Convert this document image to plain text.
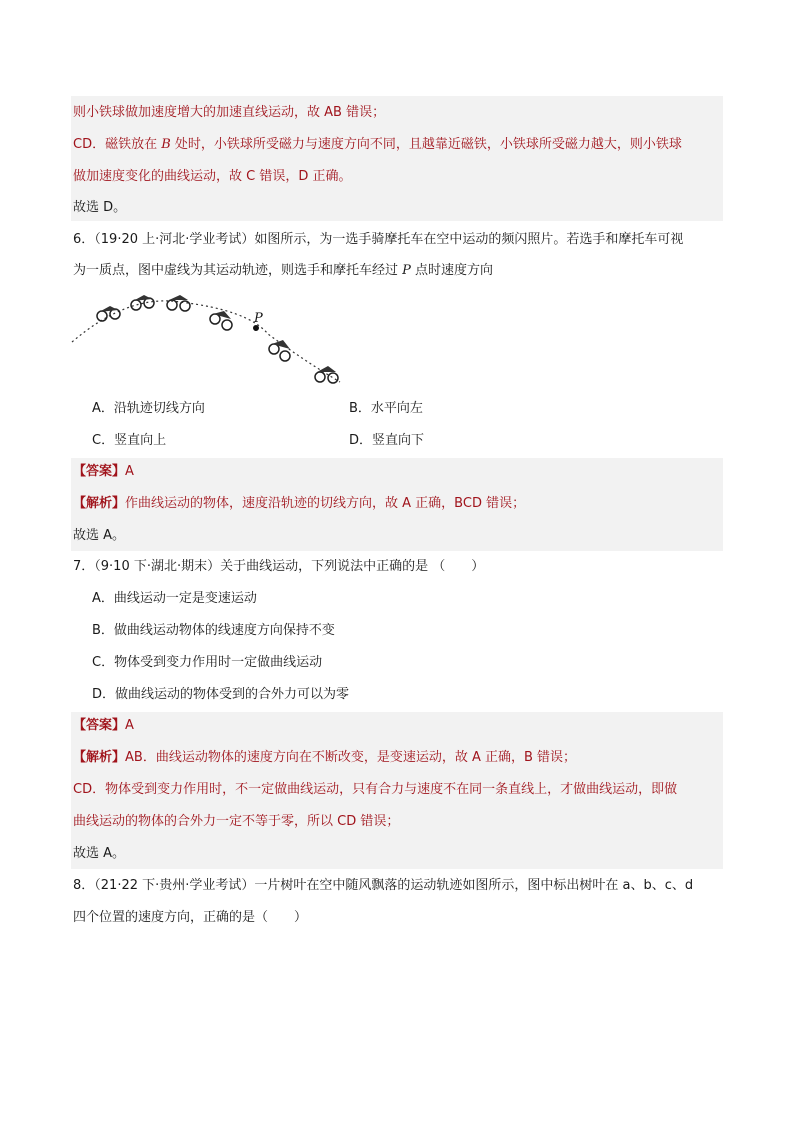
则小铁球做加速度增大的加速直线运动，故 AB 错误；
CD．磁铁放在 B 处时，小铁球所受磁力与速度方向不同，且越靠近磁铁，小铁球所受磁力越大，则小铁球
做加速度变化的曲线运动，故 C 错误，D 正确。
故选 D。
6．（19·20 上·河北·学业考试）如图所示，为一选手骑摩托车在空中运动的频闪照片。若选手和摩托车可视
为一质点，图中虚线为其运动轨迹，则选手和摩托车经过 P 点时速度方向
P
A．沿轨迹切线方向	B．水平向左
C．竖直向上	D．竖直向下
【答案】A
【解析】作曲线运动的物体，速度沿轨迹的切线方向，故 A 正确，BCD 错误；
故选 A。
7．（9·10 下·湖北·期末）关于曲线运动，下列说法中正确的是 （　　）
A．曲线运动一定是变速运动
B．做曲线运动物体的线速度方向保持不变
C．物体受到变力作用时一定做曲线运动
D．做曲线运动的物体受到的合外力可以为零
【答案】A
【解析】AB．曲线运动物体的速度方向在不断改变，是变速运动，故 A 正确，B 错误；
CD．物体受到变力作用时，不一定做曲线运动，只有合力与速度不在同一条直线上，才做曲线运动，即做
曲线运动的物体的合外力一定不等于零，所以 CD 错误；
故选 A。
8．（21·22 下·贵州·学业考试）一片树叶在空中随风飘落的运动轨迹如图所示，图中标出树叶在 a、b、c、d
四个位置的速度方向，正确的是（　　）
